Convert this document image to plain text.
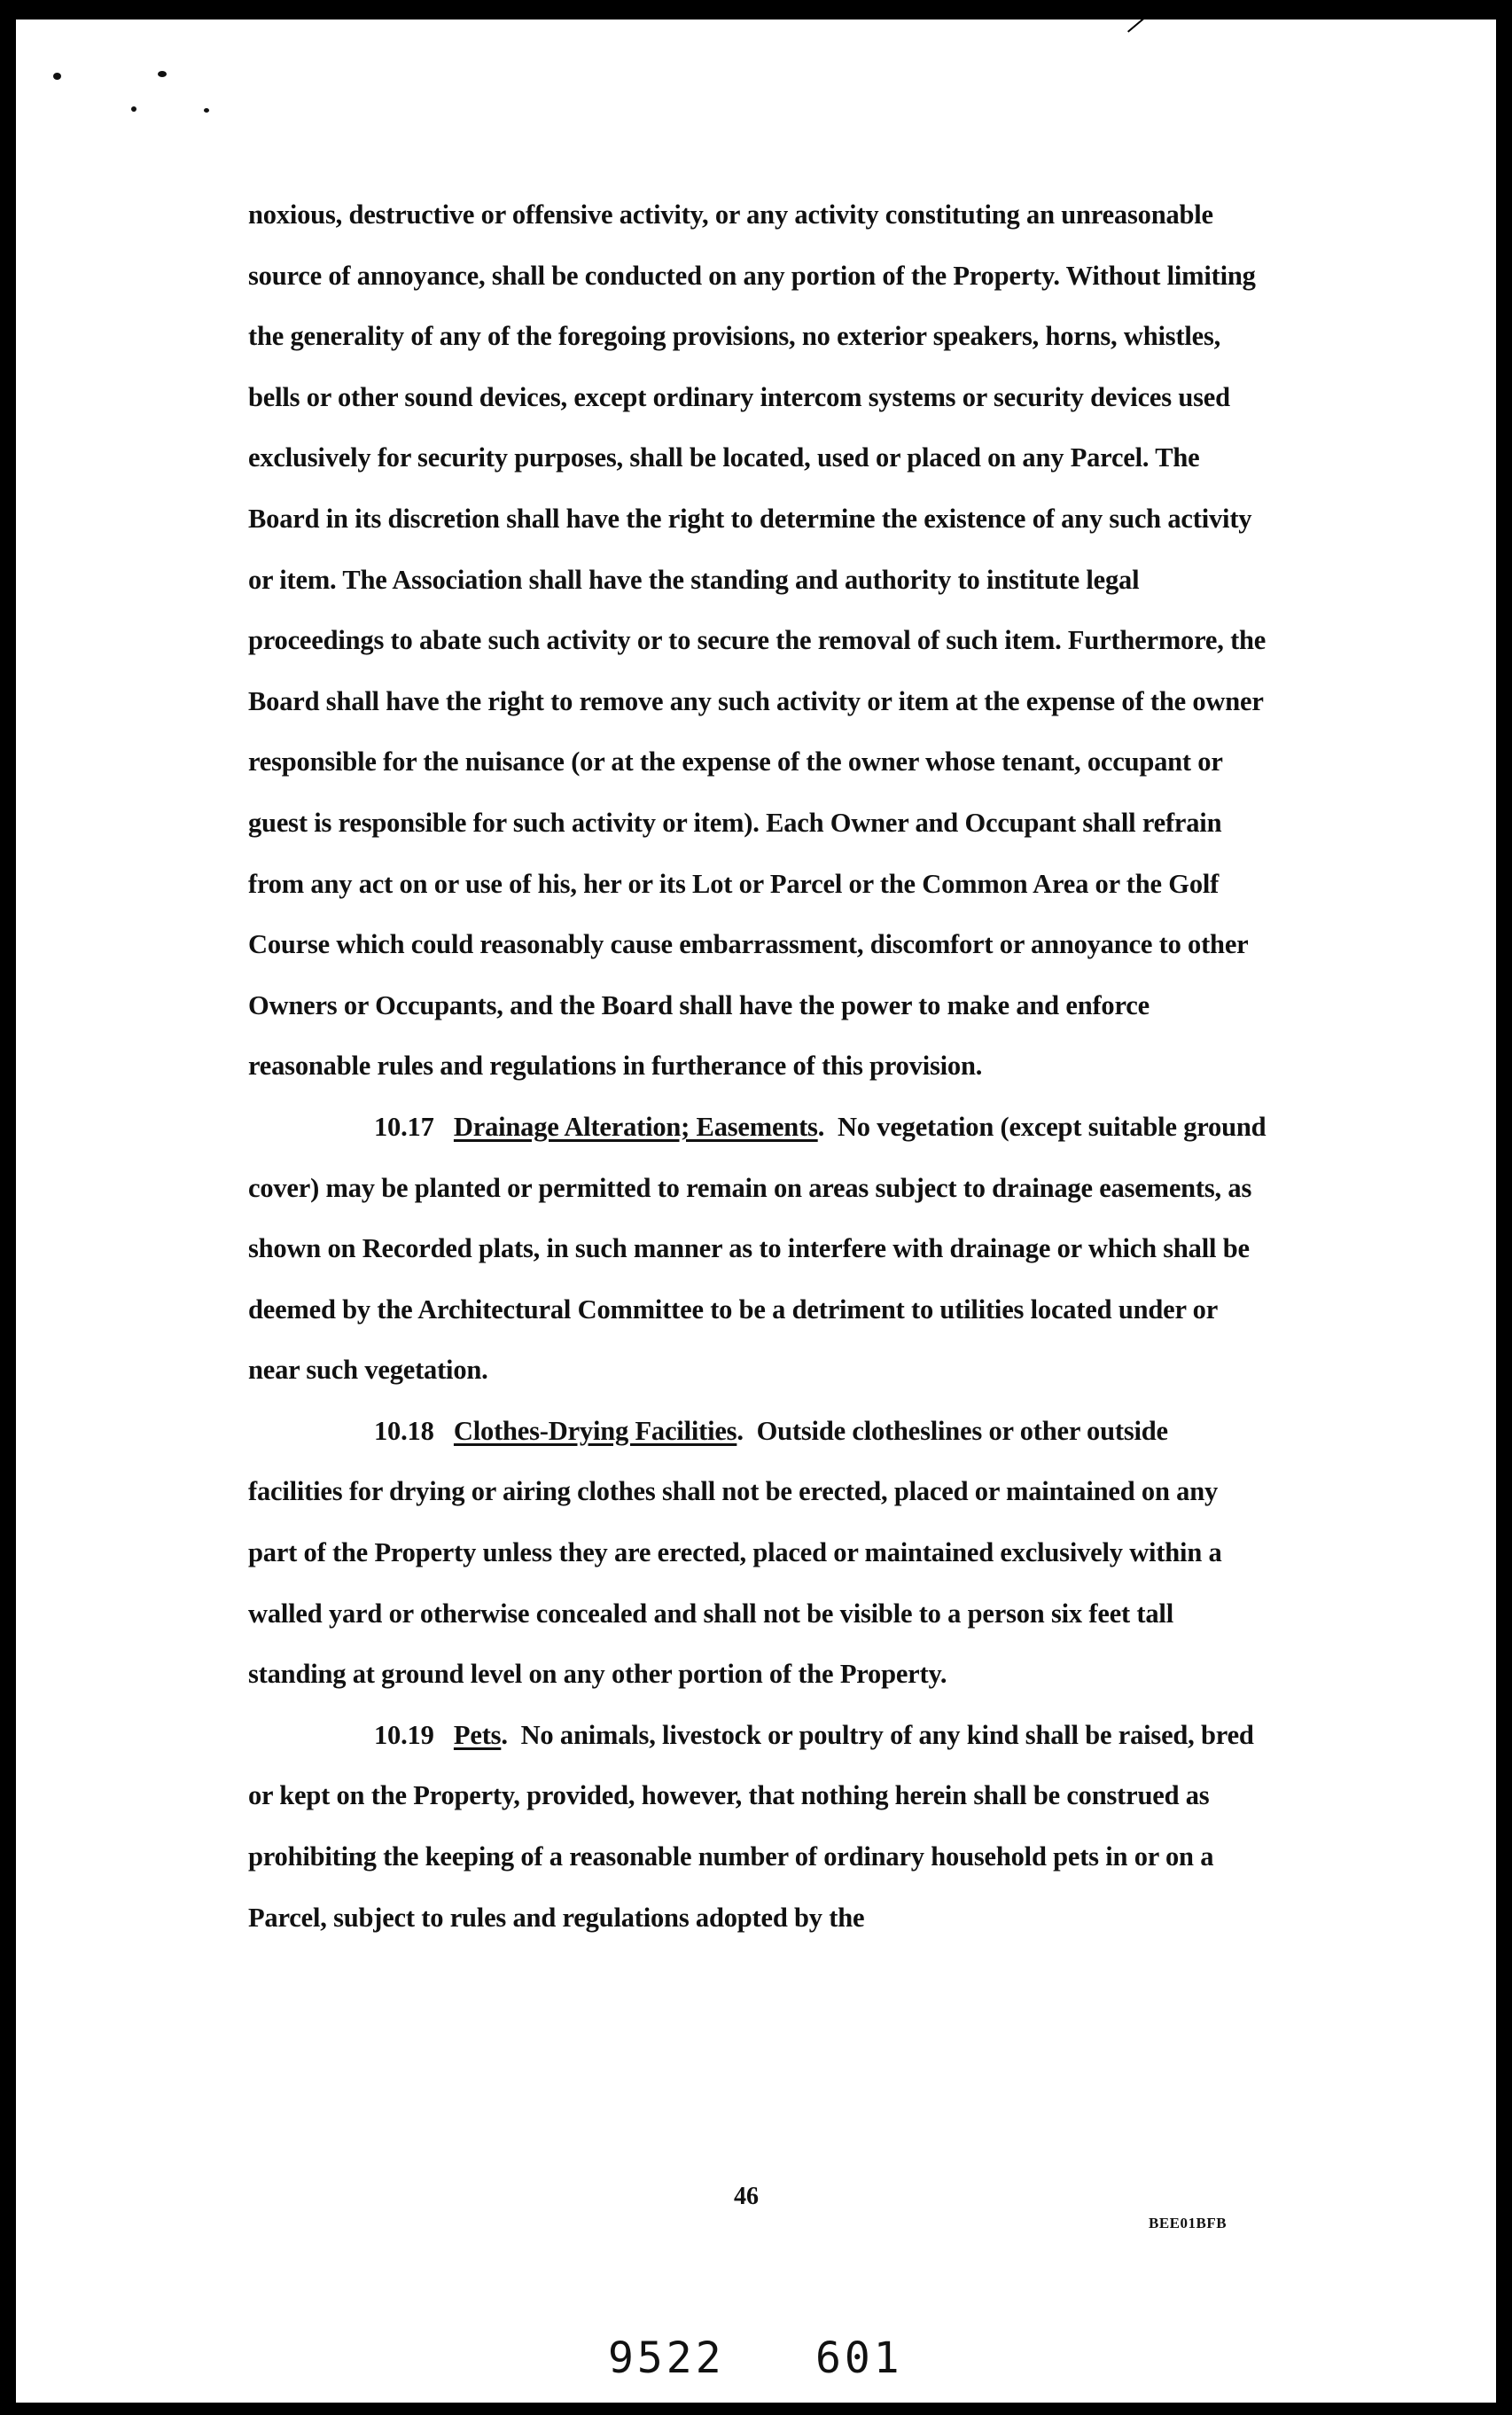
noxious, destructive or offensive activity, or any activity constituting an unreasonable source of annoyance, shall be conducted on any portion of the Property. Without limiting the generality of any of the foregoing provisions, no exterior speakers, horns, whistles, bells or other sound devices, except ordinary intercom systems or security devices used exclusively for security purposes, shall be located, used or placed on any Parcel. The Board in its discretion shall have the right to determine the existence of any such activity or item. The Association shall have the standing and authority to institute legal proceedings to abate such activity or to secure the removal of such item. Furthermore, the Board shall have the right to remove any such activity or item at the expense of the owner responsible for the nuisance (or at the expense of the owner whose tenant, occupant or guest is responsible for such activity or item). Each Owner and Occupant shall refrain from any act on or use of his, her or its Lot or Parcel or the Common Area or the Golf Course which could reasonably cause embarrassment, discomfort or annoyance to other Owners or Occupants, and the Board shall have the power to make and enforce reasonable rules and regulations in furtherance of this provision.

10.17 Drainage Alteration; Easements.  No vegetation (except suitable ground cover) may be planted or permitted to remain on areas subject to drainage easements, as shown on Recorded plats, in such manner as to interfere with drainage or which shall be deemed by the Architectural Committee to be a detriment to utilities located under or near such vegetation.

10.18 Clothes-Drying Facilities.  Outside clotheslines or other outside facilities for drying or airing clothes shall not be erected, placed or maintained on any part of the Property unless they are erected, placed or maintained exclusively within a walled yard or otherwise concealed and shall not be visible to a person six feet tall standing at ground level on any other portion of the Property.

10.19 Pets.  No animals, livestock or poultry of any kind shall be raised, bred or kept on the Property, provided, however, that nothing herein shall be construed as prohibiting the keeping of a reasonable number of ordinary household pets in or on a Parcel, subject to rules and regulations adopted by the

46
BEE01BFB
9522 601
